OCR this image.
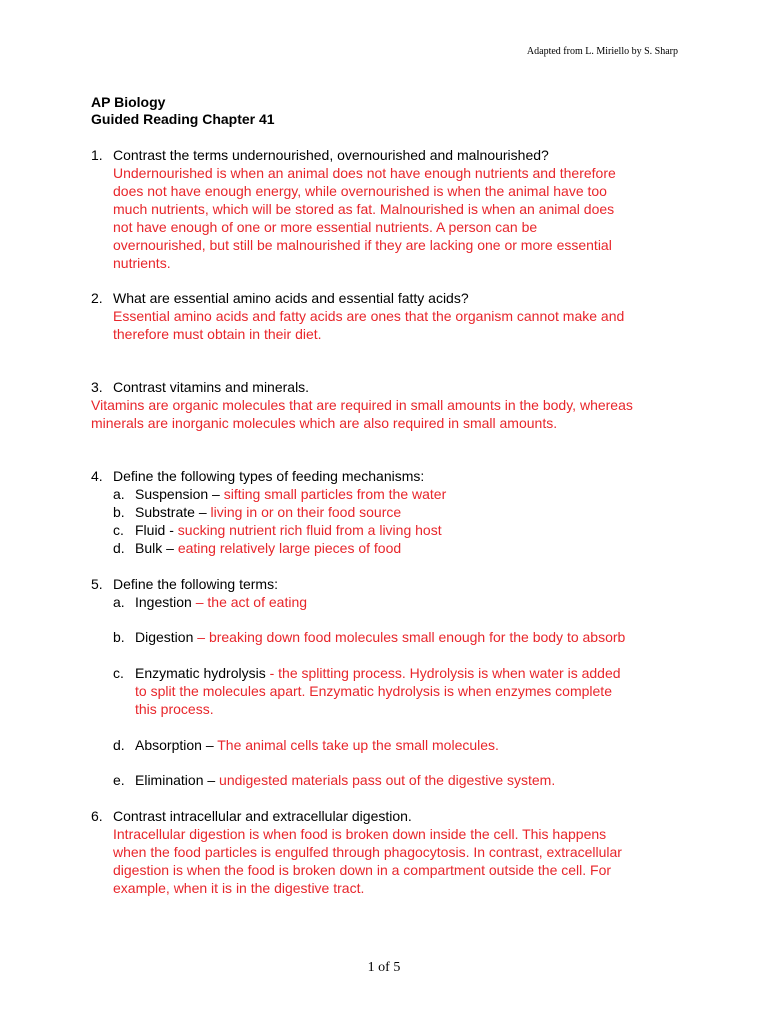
Adapted from L. Miriello by S. Sharp
AP Biology
Guided Reading Chapter 41
1. Contrast the terms undernourished, overnourished and malnourished?
Undernourished is when an animal does not have enough nutrients and therefore
does not have enough energy, while overnourished is when the animal have too
much nutrients, which will be stored as fat. Malnourished is when an animal does
not have enough of one or more essential nutrients. A person can be
overnourished, but still be malnourished if they are lacking one or more essential
nutrients.
2. What are essential amino acids and essential fatty acids?
Essential amino acids and fatty acids are ones that the organism cannot make and
therefore must obtain in their diet.
3. Contrast vitamins and minerals.
Vitamins are organic molecules that are required in small amounts in the body, whereas
minerals are inorganic molecules which are also required in small amounts.
4. Define the following types of feeding mechanisms:
a. Suspension – sifting small particles from the water
b. Substrate – living in or on their food source
c. Fluid - sucking nutrient rich fluid from a living host
d. Bulk – eating relatively large pieces of food
5. Define the following terms:
a. Ingestion – the act of eating
b. Digestion – breaking down food molecules small enough for the body to absorb
c. Enzymatic hydrolysis - the splitting process. Hydrolysis is when water is added
to split the molecules apart. Enzymatic hydrolysis is when enzymes complete
this process.
d. Absorption – The animal cells take up the small molecules.
e. Elimination – undigested materials pass out of the digestive system.
6. Contrast intracellular and extracellular digestion.
Intracellular digestion is when food is broken down inside the cell. This happens
when the food particles is engulfed through phagocytosis. In contrast, extracellular
digestion is when the food is broken down in a compartment outside the cell. For
example, when it is in the digestive tract.
1 of 5
